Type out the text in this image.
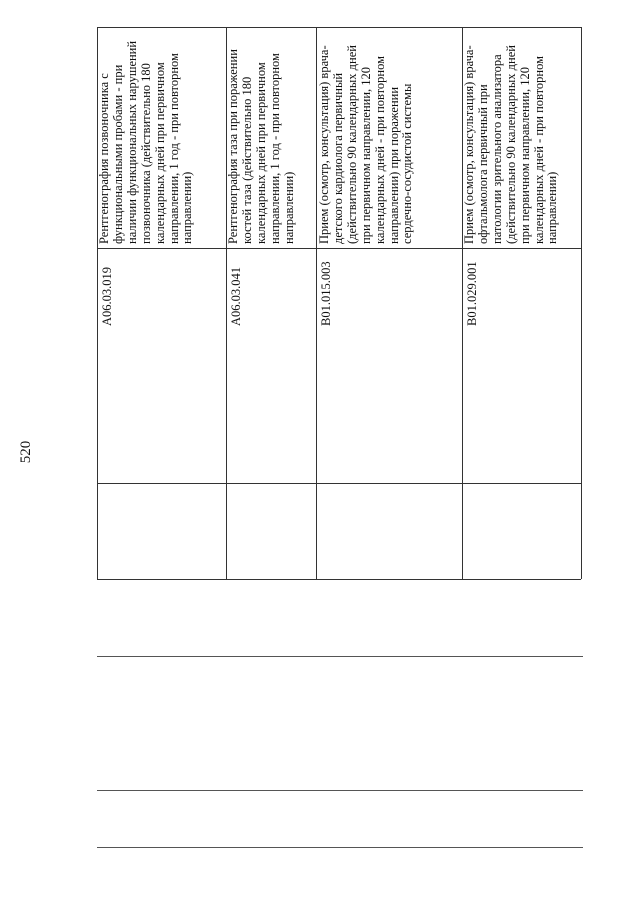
520
A06.03.019
Рентгенография позвоночника с функциональными пробами - при наличии функциональных нарушений позвоночника (действительно 180 календарных дней при первичном направлении, 1 год - при повторном направлении)
A06.03.041
Рентгенография таза при поражении костей таза (действительно 180 календарных дней при первичном направлении, 1 год - при повторном направлении)
B01.015.003
Прием (осмотр, консультация) врача-детского кардиолога первичный (действительно 90 календарных дней при первичном направлении, 120 календарных дней - при повторном направлении) при поражении сердечно-сосудистой системы
B01.029.001
Прием (осмотр, консультация) врача-офтальмолога первичный при патологии зрительного анализатора (действительно 90 календарных дней при первичном направлении, 120 календарных дней - при повторном направлении)
